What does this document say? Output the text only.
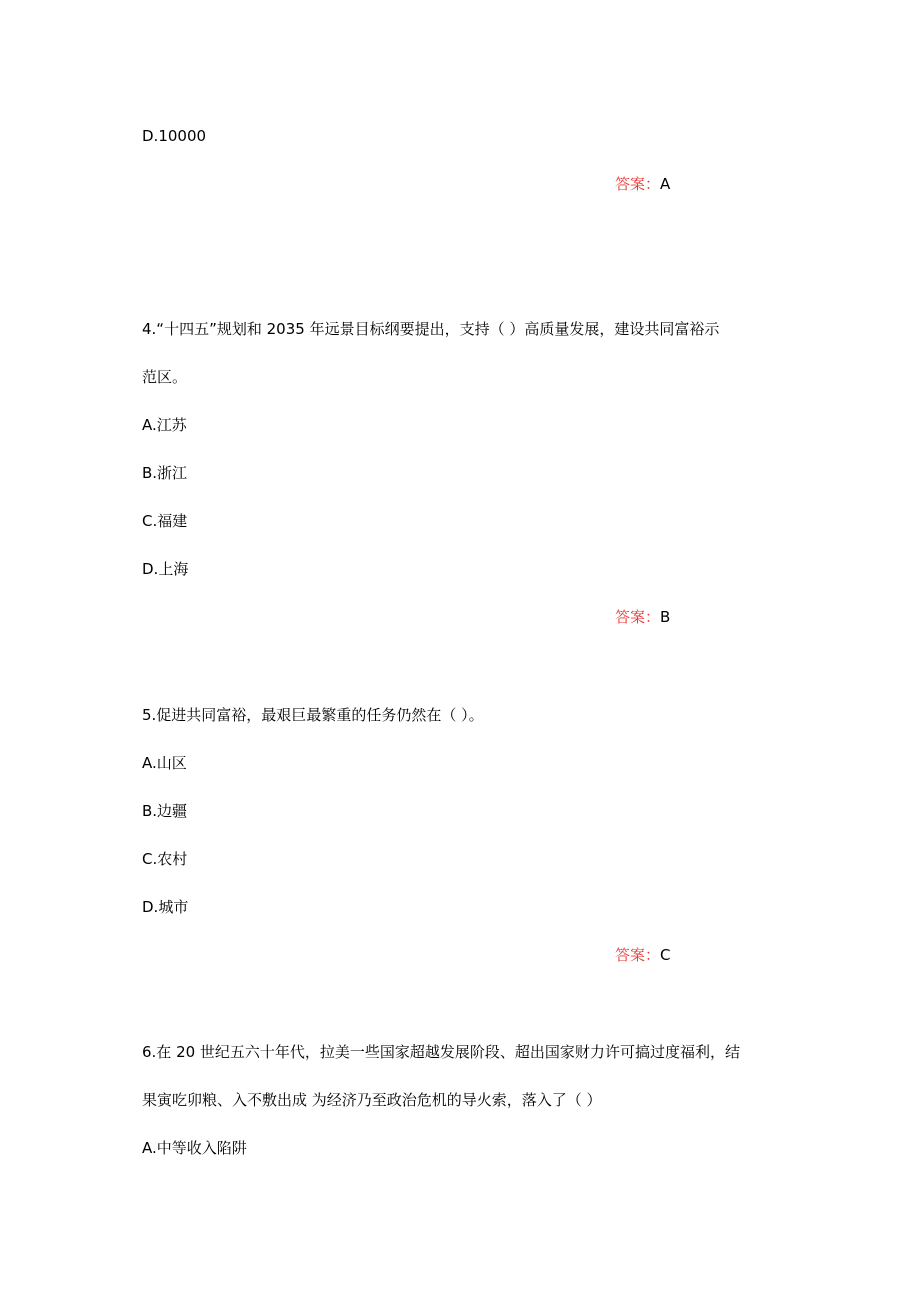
D.10000
答案：A
4.“十四五”规划和 2035 年远景目标纲要提出，支持（ ）高质量发展，建设共同富裕示
范区。
A.江苏
B.浙江
C.福建
D.上海
答案：B
5.促进共同富裕，最艰巨最繁重的任务仍然在（ ）。
A.山区
B.边疆
C.农村
D.城市
答案：C
6.在 20 世纪五六十年代，拉美一些国家超越发展阶段、超出国家财力许可搞过度福利，结
果寅吃卯粮、入不敷出成 为经济乃至政治危机的导火索，落入了（ ）
A.中等收入陷阱
